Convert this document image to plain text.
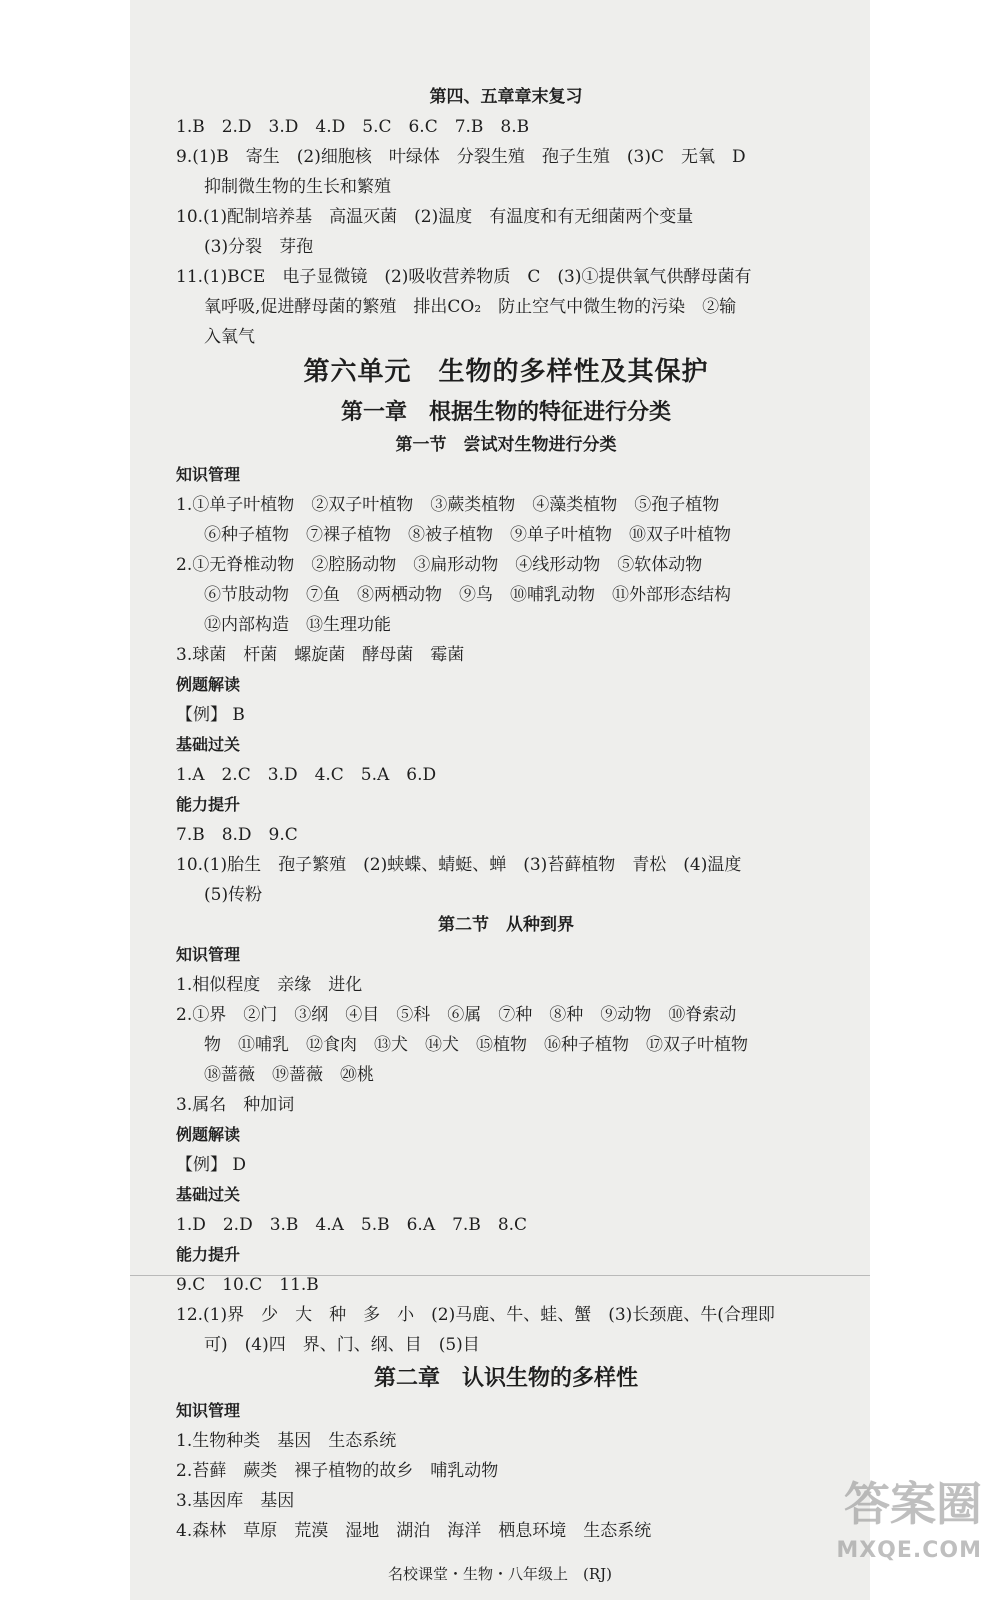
第四、五章章末复习
1.B　2.D　3.D　4.D　5.C　6.C　7.B　8.B
9.(1)B　寄生　(2)细胞核　叶绿体　分裂生殖　孢子生殖　(3)C　无氧　D
抑制微生物的生长和繁殖
10.(1)配制培养基　高温灭菌　(2)温度　有温度和有无细菌两个变量
(3)分裂　芽孢
11.(1)BCE　电子显微镜　(2)吸收营养物质　C　(3)①提供氧气供酵母菌有
氧呼吸,促进酵母菌的繁殖　排出CO₂　防止空气中微生物的污染　②输
入氧气
第六单元　生物的多样性及其保护
第一章　根据生物的特征进行分类
第一节　尝试对生物进行分类
知识管理
1.①单子叶植物　②双子叶植物　③蕨类植物　④藻类植物　⑤孢子植物
⑥种子植物　⑦裸子植物　⑧被子植物　⑨单子叶植物　⑩双子叶植物
2.①无脊椎动物　②腔肠动物　③扁形动物　④线形动物　⑤软体动物
⑥节肢动物　⑦鱼　⑧两栖动物　⑨鸟　⑩哺乳动物　⑪外部形态结构
⑫内部构造　⑬生理功能
3.球菌　杆菌　螺旋菌　酵母菌　霉菌
例题解读
【例】 B
基础过关
1.A　2.C　3.D　4.C　5.A　6.D
能力提升
7.B　8.D　9.C
10.(1)胎生　孢子繁殖　(2)蛱蝶、蜻蜓、蝉　(3)苔藓植物　青松　(4)温度
(5)传粉
第二节　从种到界
知识管理
1.相似程度　亲缘　进化
2.①界　②门　③纲　④目　⑤科　⑥属　⑦种　⑧种　⑨动物　⑩脊索动
物　⑪哺乳　⑫食肉　⑬犬　⑭犬　⑮植物　⑯种子植物　⑰双子叶植物
⑱蔷薇　⑲蔷薇　⑳桃
3.属名　种加词
例题解读
【例】 D
基础过关
1.D　2.D　3.B　4.A　5.B　6.A　7.B　8.C
能力提升
9.C　10.C　11.B
12.(1)界　少　大　种　多　小　(2)马鹿、牛、蛙、蟹　(3)长颈鹿、牛(合理即
可)　(4)四　界、门、纲、目　(5)目
第二章　认识生物的多样性
知识管理
1.生物种类　基因　生态系统
2.苔藓　蕨类　裸子植物的故乡　哺乳动物
3.基因库　基因
4.森林　草原　荒漠　湿地　湖泊　海洋　栖息环境　生态系统
名校课堂・生物・八年级上　(RJ)
答案圈
MXQE.COM
